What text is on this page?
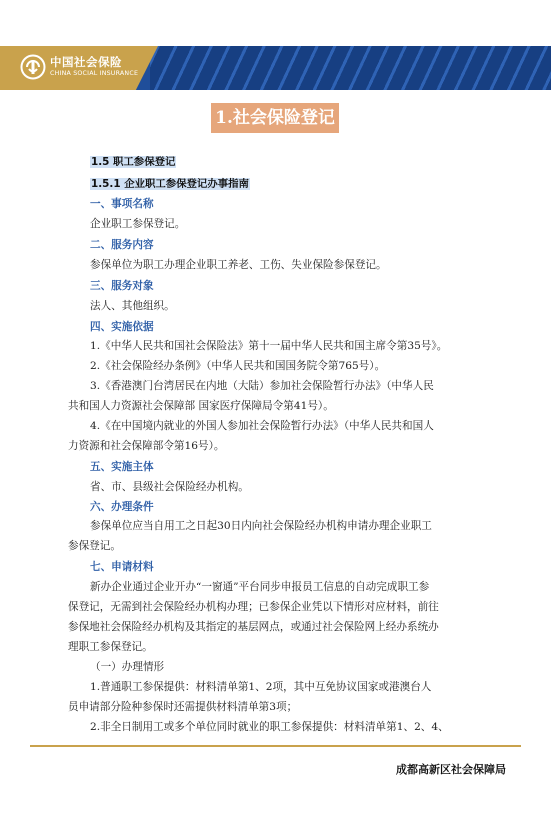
中国社会保险
CHINA SOCIAL INSURANCE
1.社会保险登记
1.5 职工参保登记
1.5.1 企业职工参保登记办事指南
一、事项名称
企业职工参保登记。
二、服务内容
参保单位为职工办理企业职工养老、工伤、失业保险参保登记。
三、服务对象
法人、其他组织。
四、实施依据
1.《中华人民共和国社会保险法》第十一届中华人民共和国主席令第35号》。
2.《社会保险经办条例》（中华人民共和国国务院令第765号）。
3.《香港澳门台湾居民在内地（大陆）参加社会保险暂行办法》（中华人民
共和国人力资源社会保障部 国家医疗保障局令第41号）。
4.《在中国境内就业的外国人参加社会保险暂行办法》（中华人民共和国人
力资源和社会保障部令第16号）。
五、实施主体
省、市、县级社会保险经办机构。
六、办理条件
参保单位应当自用工之日起30日内向社会保险经办机构申请办理企业职工
参保登记。
七、申请材料
新办企业通过企业开办“一窗通”平台同步申报员工信息的自动完成职工参
保登记，无需到社会保险经办机构办理；已参保企业凭以下情形对应材料，前往
参保地社会保险经办机构及其指定的基层网点，或通过社会保险网上经办系统办
理职工参保登记。
（一）办理情形
1.普通职工参保提供：材料清单第1、2项，其中互免协议国家或港澳台人
员申请部分险种参保时还需提供材料清单第3项；
2.非全日制用工或多个单位同时就业的职工参保提供：材料清单第1、2、4、
成都高新区社会保障局
